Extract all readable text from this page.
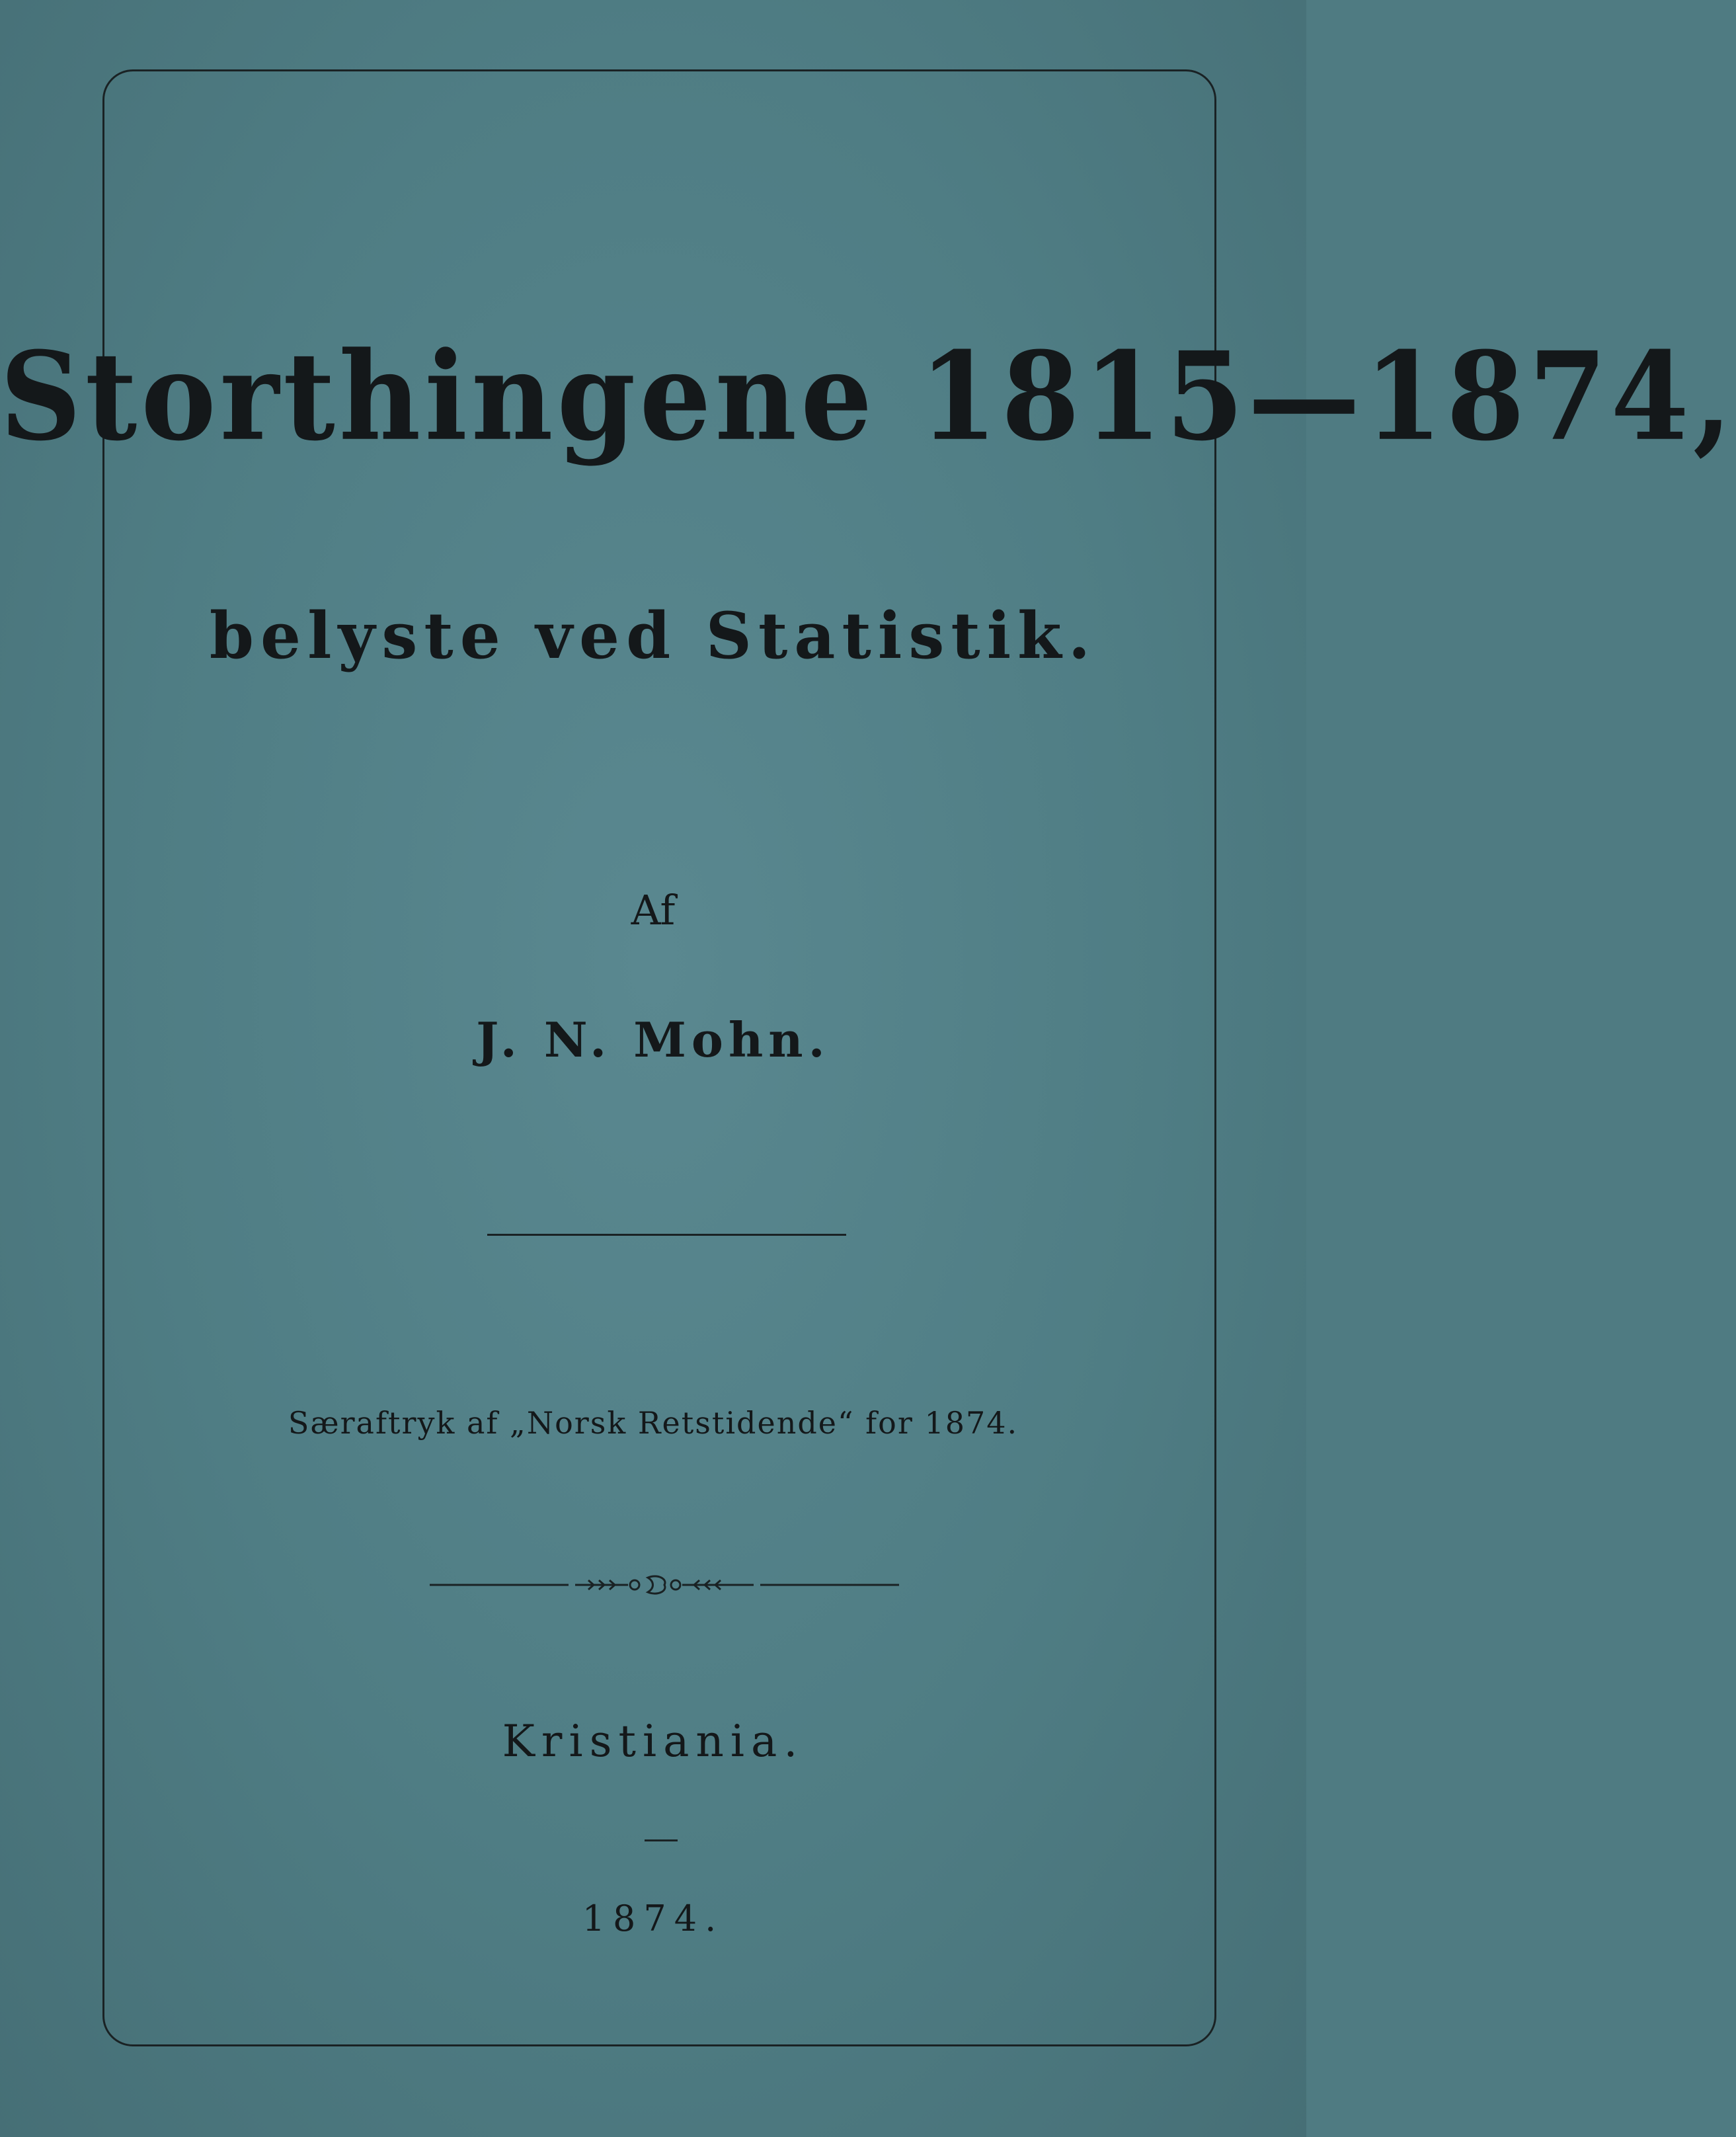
Storthingene 1815—1874,
belyste ved Statistik.
Af
J. N. Mohn.
Særaftryk af „Norsk Retstidende“ for 1874.
Kristiania.
1874.
